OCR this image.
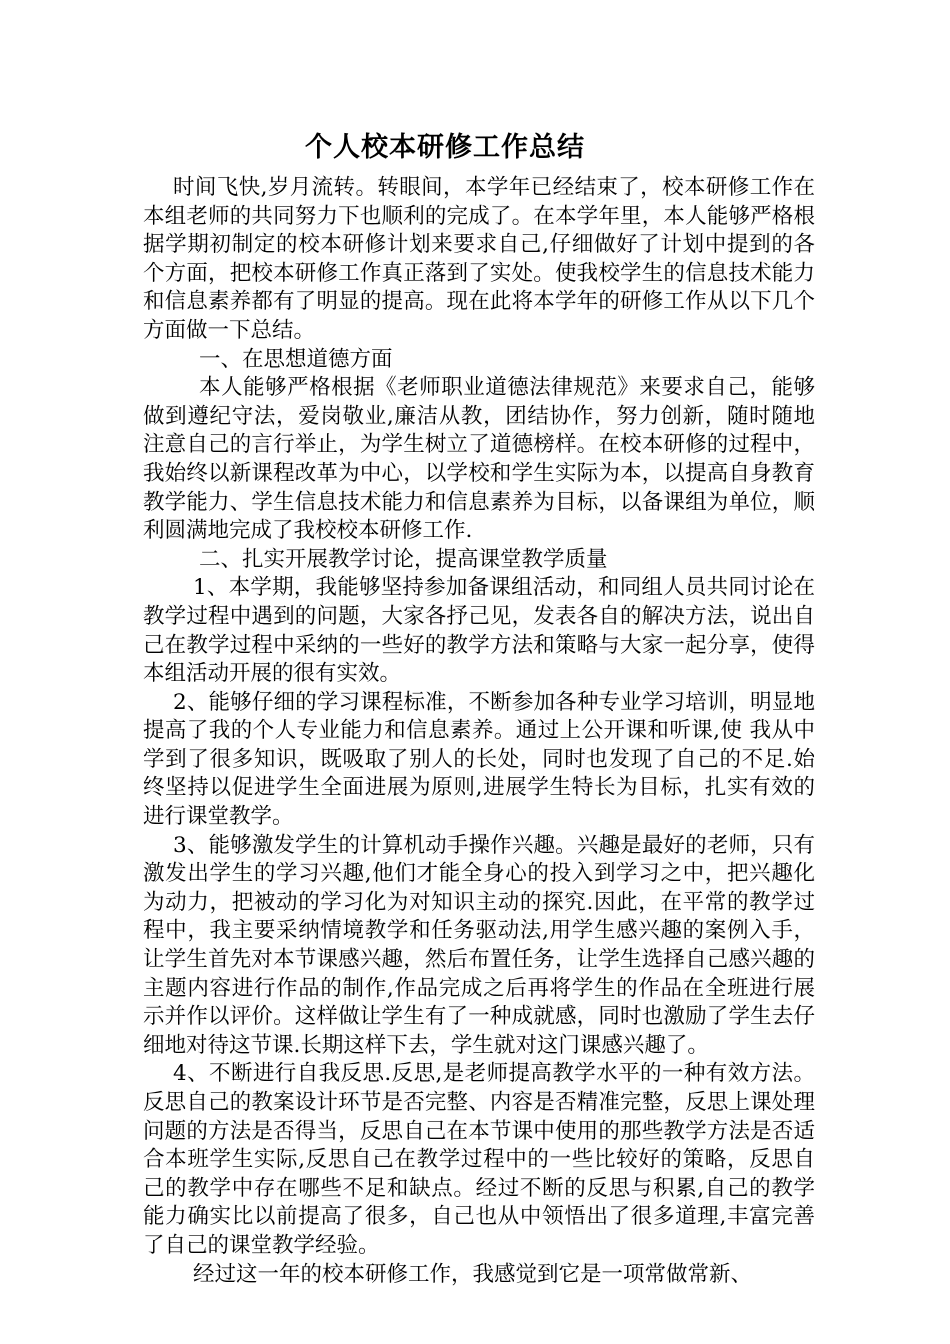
个人校本研修工作总结

时间飞快,岁月流转。转眼间，本学年已经结束了，校本研修工作在本组老师的共同努力下也顺利的完成了。在本学年里，本人能够严格根据学期初制定的校本研修计划来要求自己,仔细做好了计划中提到的各个方面，把校本研修工作真正落到了实处。使我校学生的信息技术能力和信息素养都有了明显的提高。现在此将本学年的研修工作从以下几个方面做一下总结。

一、在思想道德方面

本人能够严格根据《老师职业道德法律规范》来要求自己，能够做到遵纪守法，爱岗敬业,廉洁从教，团结协作，努力创新，随时随地注意自己的言行举止，为学生树立了道德榜样。在校本研修的过程中，我始终以新课程改革为中心，以学校和学生实际为本，以提高自身教育教学能力、学生信息技术能力和信息素养为目标，以备课组为单位，顺利圆满地完成了我校校本研修工作.

二、扎实开展教学讨论，提高课堂教学质量

1、本学期，我能够坚持参加备课组活动，和同组人员共同讨论在教学过程中遇到的问题，大家各抒己见，发表各自的解决方法，说出自己在教学过程中采纳的一些好的教学方法和策略与大家一起分享，使得本组活动开展的很有实效。

2、能够仔细的学习课程标准，不断参加各种专业学习培训，明显地提高了我的个人专业能力和信息素养。通过上公开课和听课,使 我从中学到了很多知识，既吸取了别人的长处，同时也发现了自己的不足.始终坚持以促进学生全面进展为原则,进展学生特长为目标，扎实有效的进行课堂教学。

3、能够激发学生的计算机动手操作兴趣。兴趣是最好的老师，只有激发出学生的学习兴趣,他们才能全身心的投入到学习之中，把兴趣化为动力，把被动的学习化为对知识主动的探究.因此，在平常的教学过程中，我主要采纳情境教学和任务驱动法,用学生感兴趣的案例入手，让学生首先对本节课感兴趣，然后布置任务，让学生选择自己感兴趣的主题内容进行作品的制作,作品完成之后再将学生的作品在全班进行展示并作以评价。这样做让学生有了一种成就感，同时也激励了学生去仔细地对待这节课.长期这样下去，学生就对这门课感兴趣了。

4、不断进行自我反思.反思,是老师提高教学水平的一种有效方法。反思自己的教案设计环节是否完整、内容是否精准完整，反思上课处理问题的方法是否得当，反思自己在本节课中使用的那些教学方法是否适合本班学生实际,反思自己在教学过程中的一些比较好的策略，反思自己的教学中存在哪些不足和缺点。经过不断的反思与积累,自己的教学能力确实比以前提高了很多，自己也从中领悟出了很多道理,丰富完善了自己的课堂教学经验。

经过这一年的校本研修工作，我感觉到它是一项常做常新、
